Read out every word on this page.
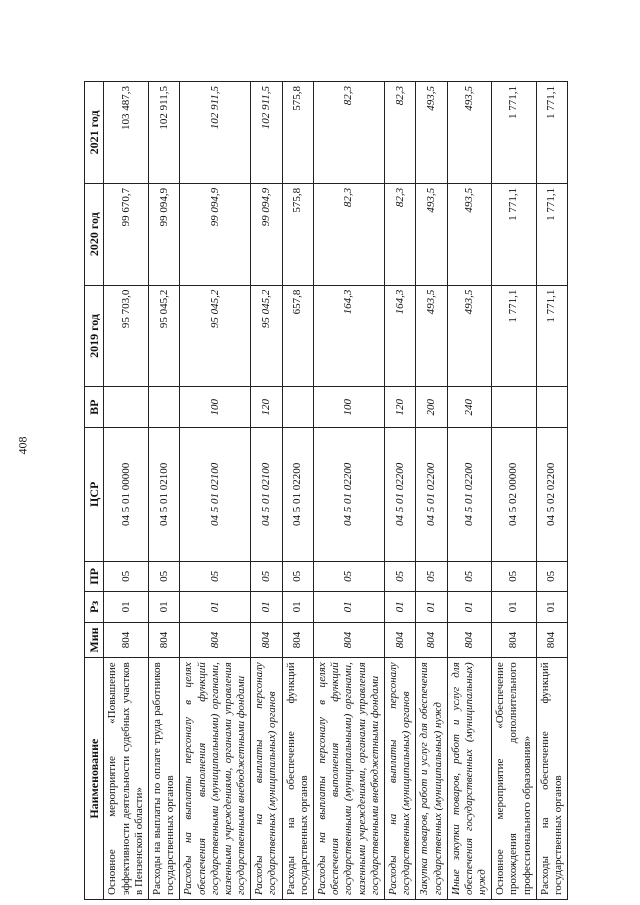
408
Наименование	Мин	Рз	ПР	ЦСР	ВР	2019 год	2020 год	2021 год
Основное мероприятие «Повышение эффективности деятельности судебных участков в Пензенской области»	804	01	05	04 5 01 00000		95 703,0	99 670,7	103 487,3
Расходы на выплаты по оплате труда работников государственных органов	804	01	05	04 5 01 02100		95 045,2	99 094,9	102 911,5
Расходы на выплаты персоналу в целях обеспечения выполнения функций государственными (муниципальными) органами, казенными учреждениями, органами управления государственными внебюджетными фондами	804	01	05	04 5 01 02100	100	95 045,2	99 094,9	102 911,5
Расходы на выплаты персоналу государственных (муниципальных) органов	804	01	05	04 5 01 02100	120	95 045,2	99 094,9	102 911,5
Расходы на обеспечение функций государственных органов	804	01	05	04 5 01 02200		657,8	575,8	575,8
Расходы на выплаты персоналу в целях обеспечения выполнения функций государственными (муниципальными) органами, казенными учреждениями, органами управления государственными внебюджетными фондами	804	01	05	04 5 01 02200	100	164,3	82,3	82,3
Расходы на выплаты персоналу государственных (муниципальных) органов	804	01	05	04 5 01 02200	120	164,3	82,3	82,3
Закупка товаров, работ и услуг для обеспечения государственных (муниципальных) нужд	804	01	05	04 5 01 02200	200	493,5	493,5	493,5
Иные закупки товаров, работ и услуг для обеспечения государственных (муниципальных) нужд	804	01	05	04 5 01 02200	240	493,5	493,5	493,5
Основное мероприятие «Обеспечение прохождения дополнительного профессионального образования»	804	01	05	04 5 02 00000		1 771,1	1 771,1	1 771,1
Расходы на обеспечение функций государственных органов	804	01	05	04 5 02 02200		1 771,1	1 771,1	1 771,1
